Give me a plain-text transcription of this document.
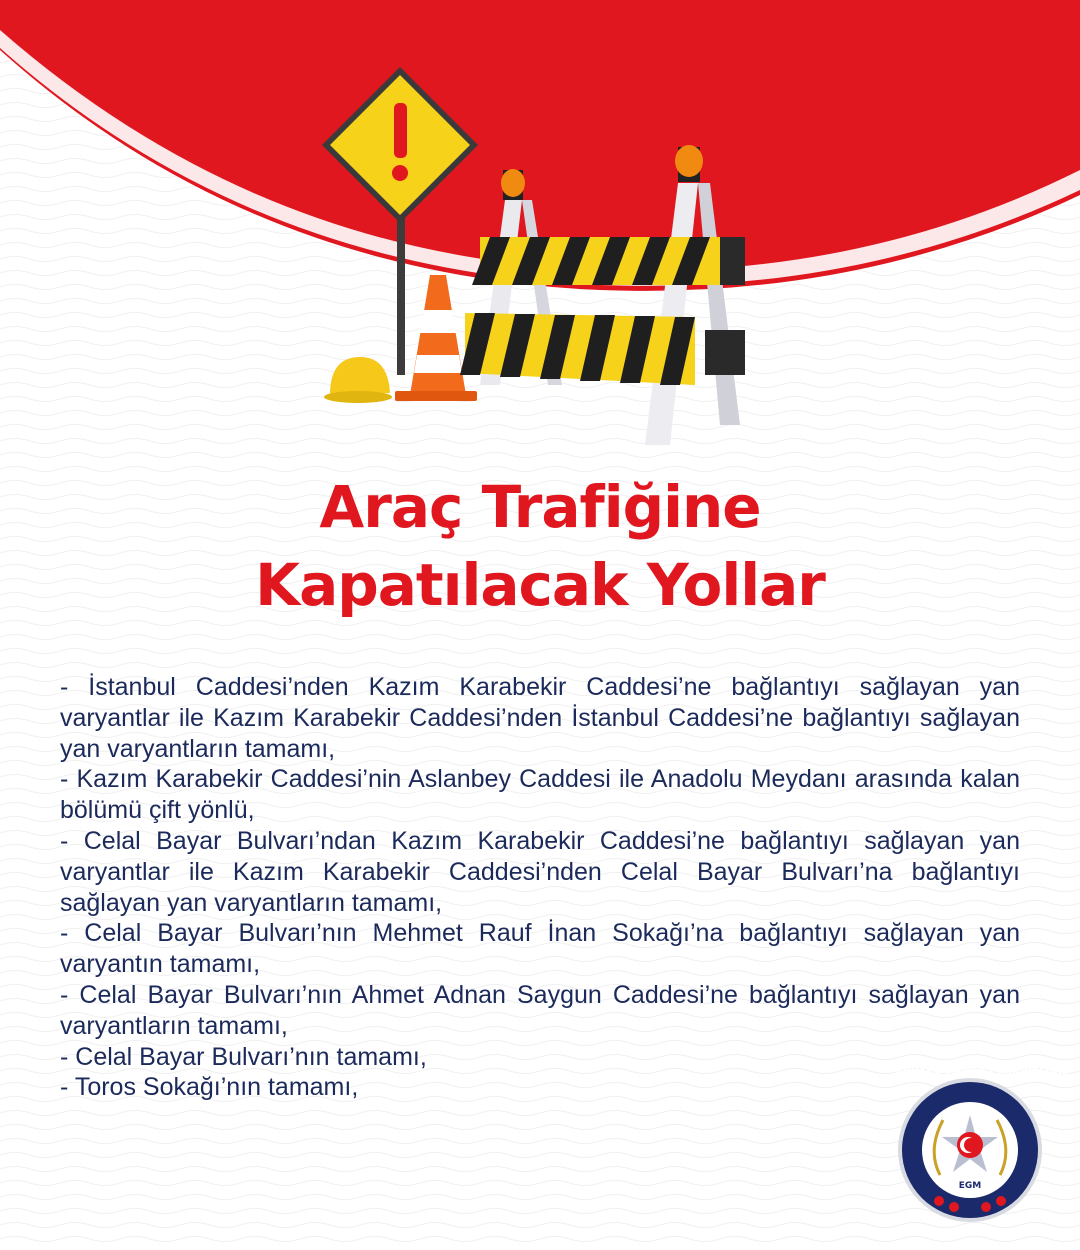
Araç Trafiğine
Kapatılacak Yollar

- İstanbul Caddesi’nden Kazım Karabekir Caddesi’ne bağlantıyı sağlayan yan varyantlar ile Kazım Karabekir Caddesi’nden İstanbul Caddesi’ne bağlantıyı sağlayan yan varyantların tamamı,

- Kazım Karabekir Caddesi’nin Aslanbey Caddesi ile Anadolu Meydanı arasında kalan bölümü çift yönlü,

- Celal Bayar Bulvarı’ndan Kazım Karabekir Caddesi’ne bağlantıyı sağlayan yan varyantlar ile Kazım Karabekir Caddesi’nden Celal Bayar Bulvarı’na bağlantıyı sağlayan yan varyantların tamamı,

- Celal Bayar Bulvarı’nın Mehmet Rauf İnan Sokağı’na bağlantıyı sağlayan yan varyantın tamamı,

- Celal Bayar Bulvarı’nın Ahmet Adnan Saygun Caddesi’ne bağlantıyı sağlayan yan varyantların tamamı,

- Celal Bayar Bulvarı’nın tamamı,

- Toros Sokağı’nın tamamı,

ANKARA EMNİYET MÜDÜRLÜĞÜ
EGM
